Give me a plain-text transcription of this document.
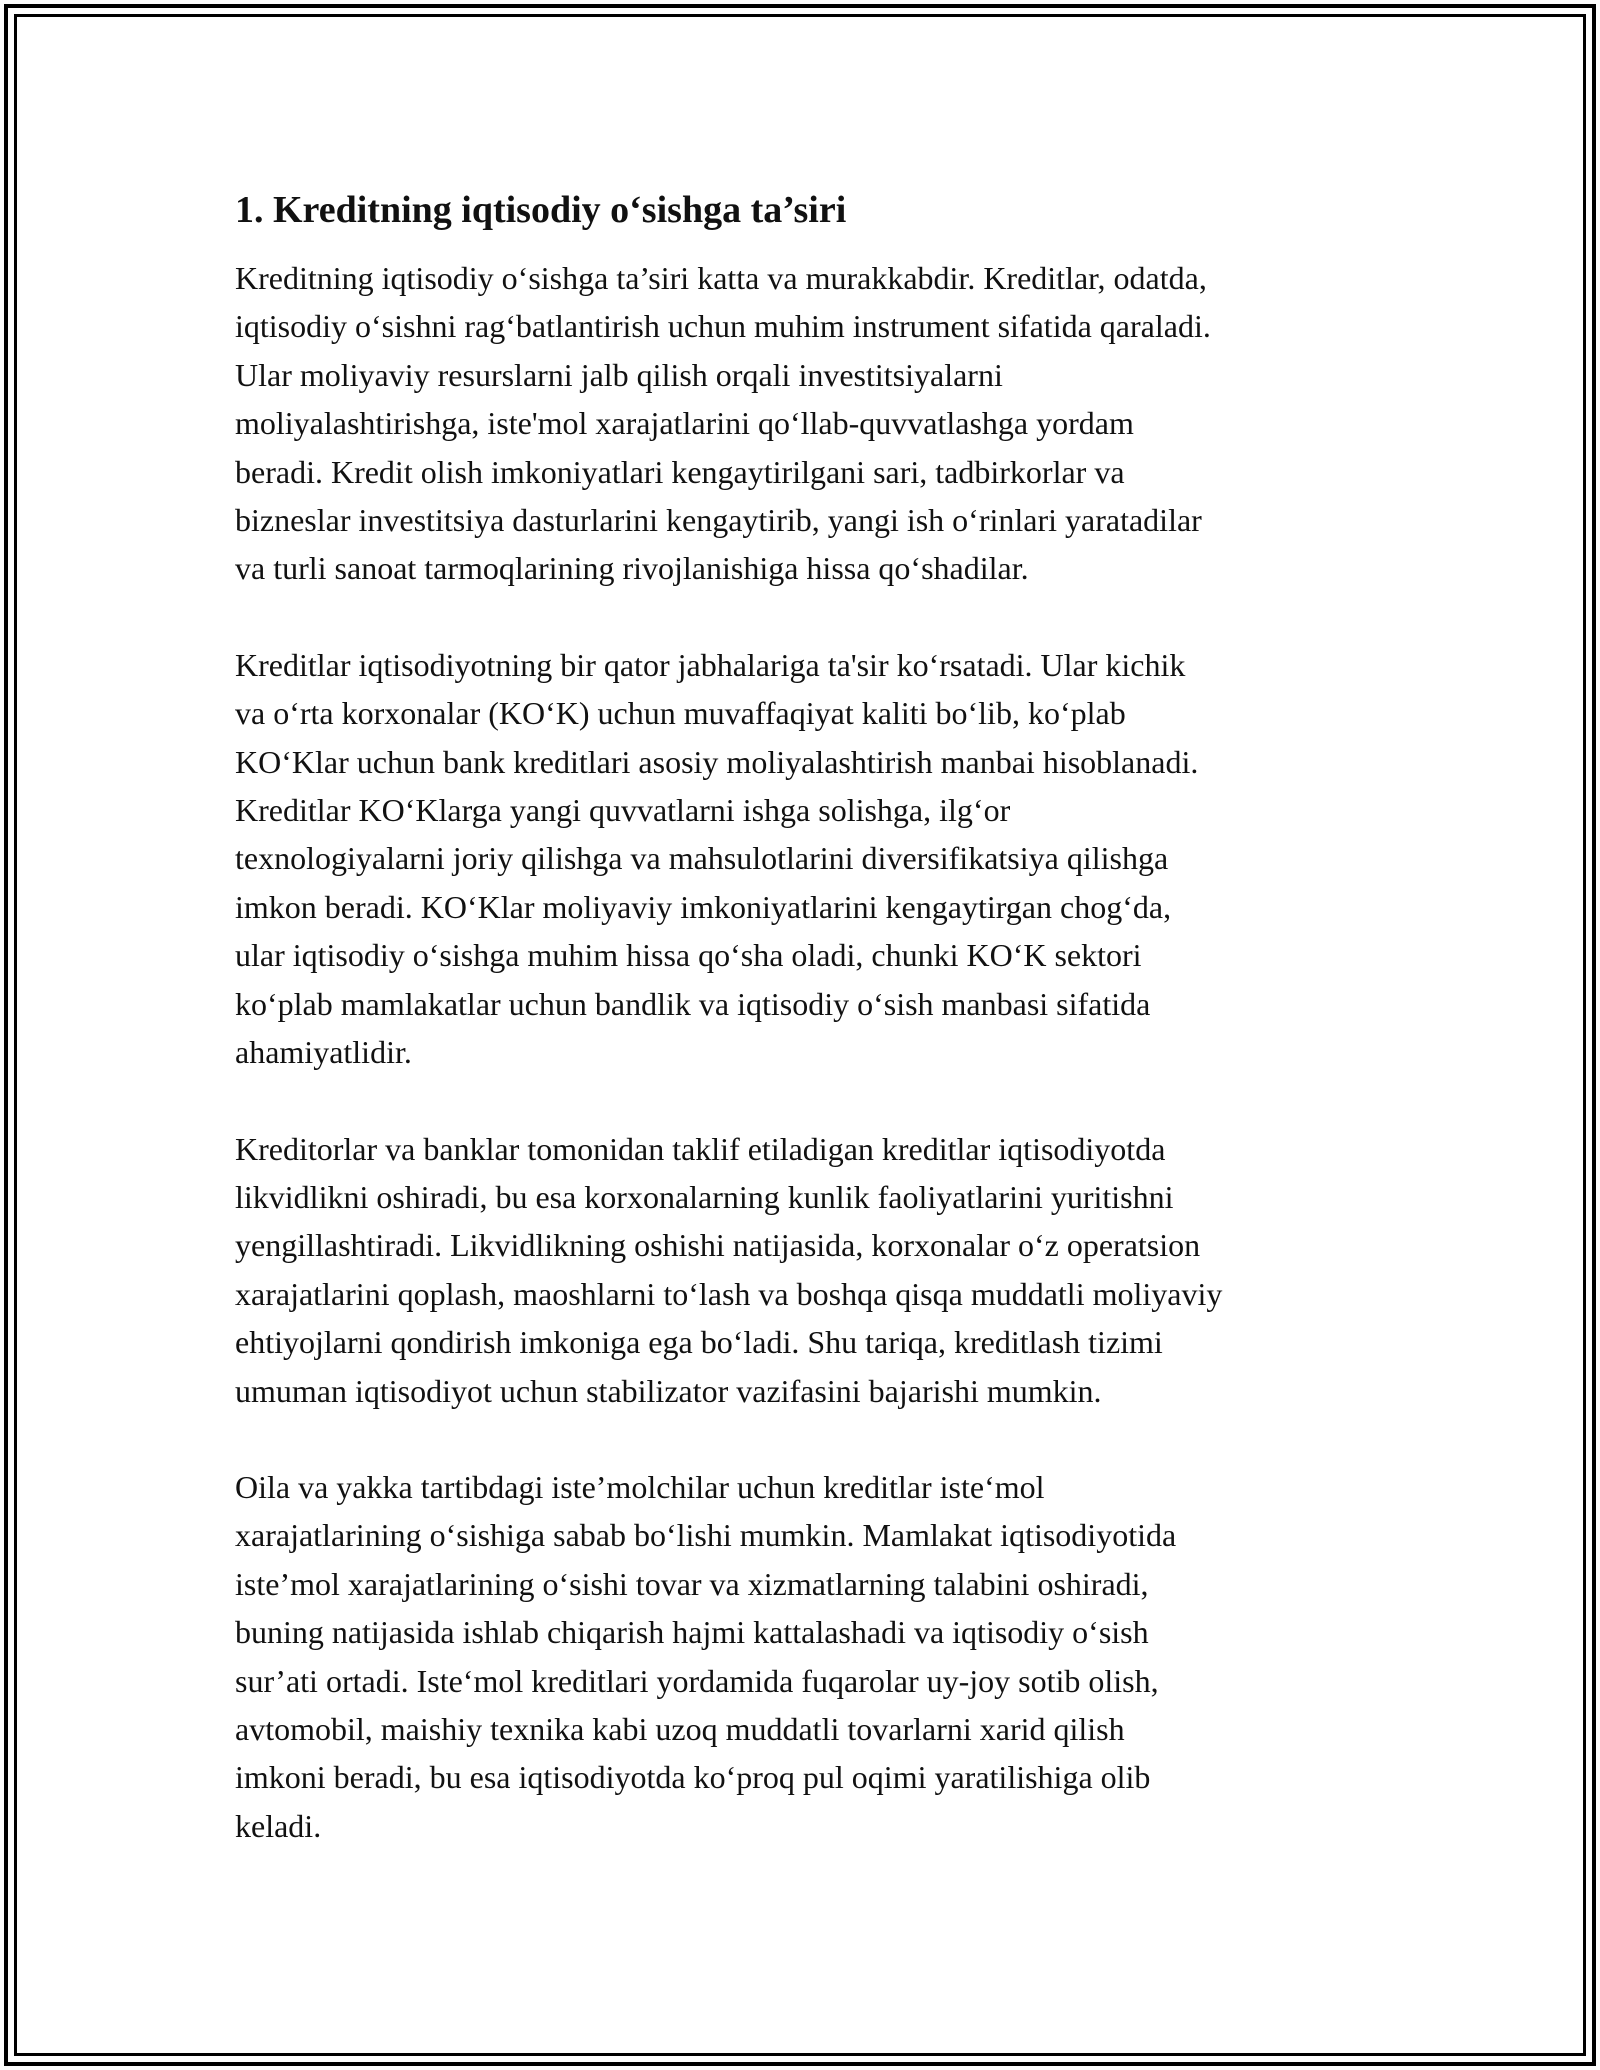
1. Kreditning iqtisodiy o‘sishga ta’siri
Kreditning iqtisodiy o‘sishga ta’siri katta va murakkabdir. Kreditlar, odatda,
iqtisodiy o‘sishni rag‘batlantirish uchun muhim instrument sifatida qaraladi.
Ular moliyaviy resurslarni jalb qilish orqali investitsiyalarni
moliyalashtirishga, iste'mol xarajatlarini qo‘llab-quvvatlashga yordam
beradi. Kredit olish imkoniyatlari kengaytirilgani sari, tadbirkorlar va
bizneslar investitsiya dasturlarini kengaytirib, yangi ish o‘rinlari yaratadilar
va turli sanoat tarmoqlarining rivojlanishiga hissa qo‘shadilar.
Kreditlar iqtisodiyotning bir qator jabhalariga ta'sir ko‘rsatadi. Ular kichik
va o‘rta korxonalar (KO‘K) uchun muvaffaqiyat kaliti bo‘lib, ko‘plab
KO‘Klar uchun bank kreditlari asosiy moliyalashtirish manbai hisoblanadi.
Kreditlar KO‘Klarga yangi quvvatlarni ishga solishga, ilg‘or
texnologiyalarni joriy qilishga va mahsulotlarini diversifikatsiya qilishga
imkon beradi. KO‘Klar moliyaviy imkoniyatlarini kengaytirgan chog‘da,
ular iqtisodiy o‘sishga muhim hissa qo‘sha oladi, chunki KO‘K sektori
ko‘plab mamlakatlar uchun bandlik va iqtisodiy o‘sish manbasi sifatida
ahamiyatlidir.
Kreditorlar va banklar tomonidan taklif etiladigan kreditlar iqtisodiyotda
likvidlikni oshiradi, bu esa korxonalarning kunlik faoliyatlarini yuritishni
yengillashtiradi. Likvidlikning oshishi natijasida, korxonalar o‘z operatsion
xarajatlarini qoplash, maoshlarni to‘lash va boshqa qisqa muddatli moliyaviy
ehtiyojlarni qondirish imkoniga ega bo‘ladi. Shu tariqa, kreditlash tizimi
umuman iqtisodiyot uchun stabilizator vazifasini bajarishi mumkin.
Oila va yakka tartibdagi iste’molchilar uchun kreditlar iste‘mol
xarajatlarining o‘sishiga sabab bo‘lishi mumkin. Mamlakat iqtisodiyotida
iste’mol xarajatlarining o‘sishi tovar va xizmatlarning talabini oshiradi,
buning natijasida ishlab chiqarish hajmi kattalashadi va iqtisodiy o‘sish
sur’ati ortadi. Iste‘mol kreditlari yordamida fuqarolar uy-joy sotib olish,
avtomobil, maishiy texnika kabi uzoq muddatli tovarlarni xarid qilish
imkoni beradi, bu esa iqtisodiyotda ko‘proq pul oqimi yaratilishiga olib
keladi.
